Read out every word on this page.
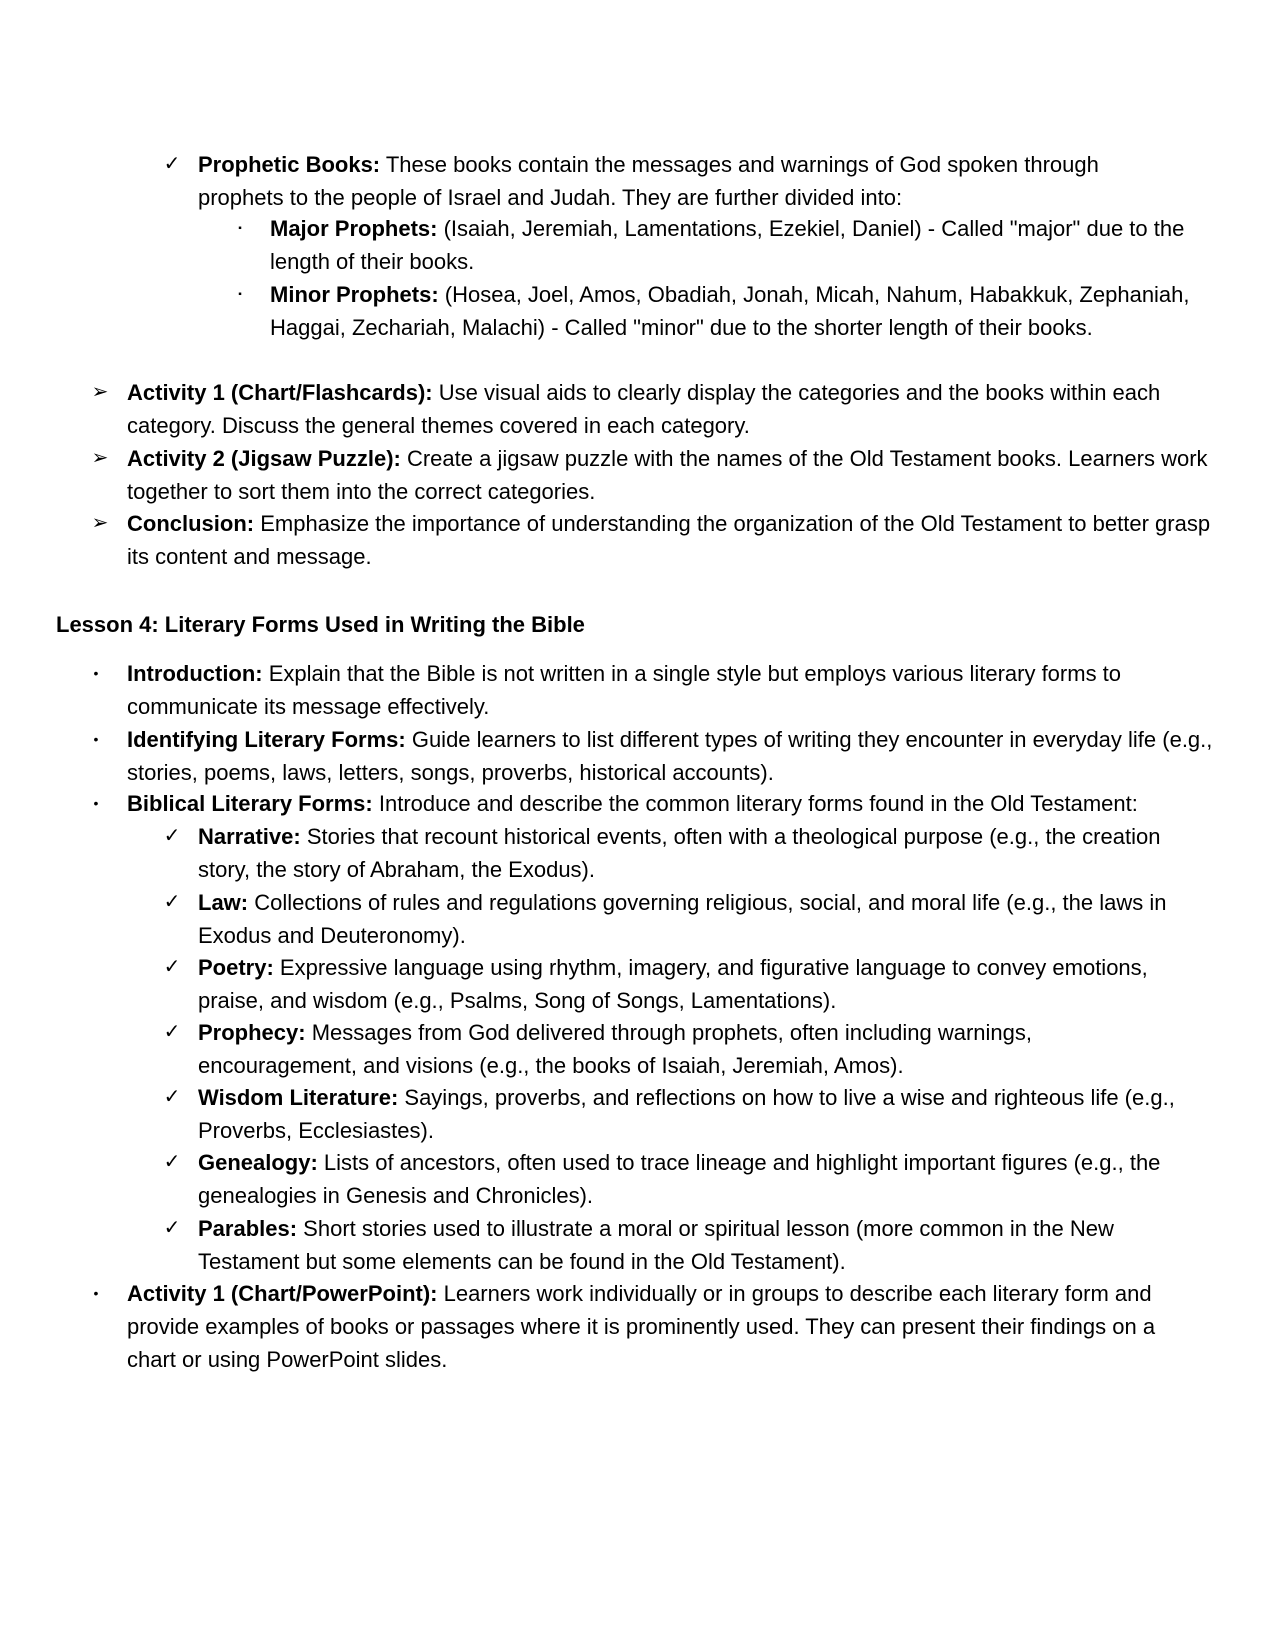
✓ Prophetic Books: These books contain the messages and warnings of God spoken through prophets to the people of Israel and Judah. They are further divided into:

▪	Major Prophets: (Isaiah, Jeremiah, Lamentations, Ezekiel, Daniel) - Called "major" due to the length of their books.

▪	Minor Prophets: (Hosea, Joel, Amos, Obadiah, Jonah, Micah, Nahum, Habakkuk, Zephaniah, Haggai, Zechariah, Malachi) - Called "minor" due to the shorter length of their books.

➢ Activity 1 (Chart/Flashcards): Use visual aids to clearly display the categories and the books within each category. Discuss the general themes covered in each category.

➢ Activity 2 (Jigsaw Puzzle): Create a jigsaw puzzle with the names of the Old Testament books. Learners work together to sort them into the correct categories.

➢ Conclusion: Emphasize the importance of understanding the organization of the Old Testament to better grasp its content and message.

Lesson 4: Literary Forms Used in Writing the Bible
•	Introduction: Explain that the Bible is not written in a single style but employs various literary forms to communicate its message effectively.

•	Identifying Literary Forms: Guide learners to list different types of writing they encounter in everyday life (e.g., stories, poems, laws, letters, songs, proverbs, historical accounts).

•	Biblical Literary Forms: Introduce and describe the common literary forms found in the Old Testament:

✓ Narrative: Stories that recount historical events, often with a theological purpose (e.g., the creation story, the story of Abraham, the Exodus).

✓ Law: Collections of rules and regulations governing religious, social, and moral life (e.g., the laws in Exodus and Deuteronomy).

✓ Poetry: Expressive language using rhythm, imagery, and figurative language to convey emotions, praise, and wisdom (e.g., Psalms, Song of Songs, Lamentations).

✓ Prophecy: Messages from God delivered through prophets, often including warnings, encouragement, and visions (e.g., the books of Isaiah, Jeremiah, Amos).

✓ Wisdom Literature: Sayings, proverbs, and reflections on how to live a wise and righteous life (e.g., Proverbs, Ecclesiastes).

✓ Genealogy: Lists of ancestors, often used to trace lineage and highlight important figures (e.g., the genealogies in Genesis and Chronicles).

✓ Parables: Short stories used to illustrate a moral or spiritual lesson (more common in the New Testament but some elements can be found in the Old Testament).

•	Activity 1 (Chart/PowerPoint): Learners work individually or in groups to describe each literary form and provide examples of books or passages where it is prominently used. They can present their findings on a chart or using PowerPoint slides.
